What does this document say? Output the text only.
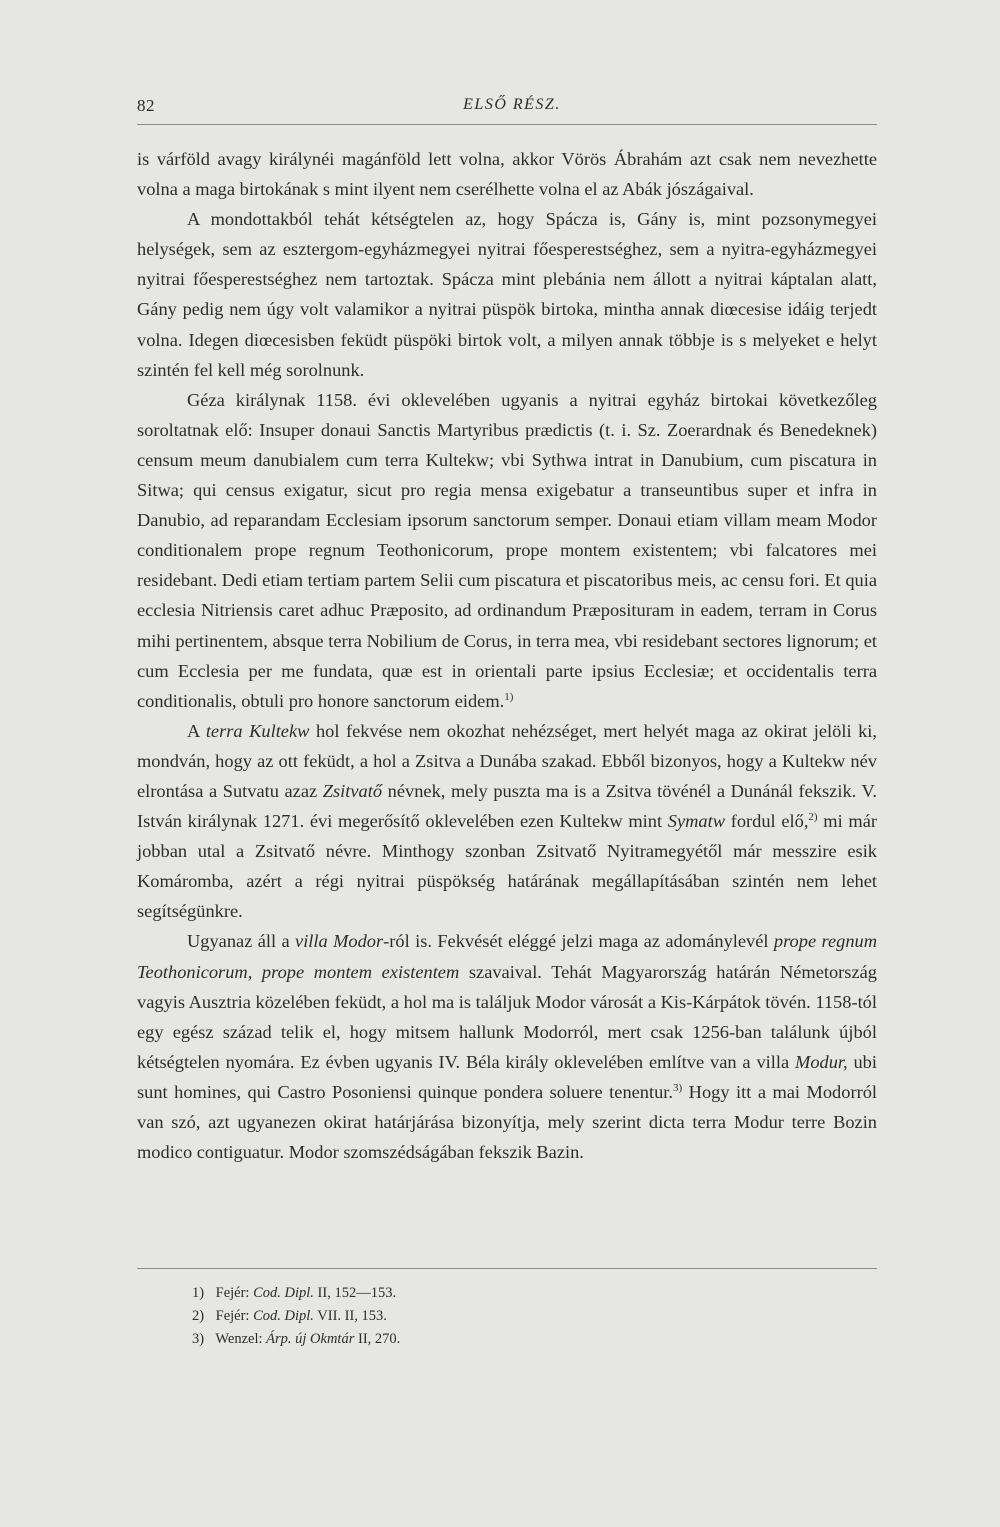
82	ELSŐ RÉSZ.

is várföld avagy királynéi magánföld lett volna, akkor Vörös Ábrahám azt csak nem nevezhette volna a maga birtokának s mint ilyent nem cserélhette volna el az Abák jószágaival.

A mondottakból tehát kétségtelen az, hogy Spácza is, Gány is, mint pozsonymegyei helységek, sem az esztergom-egyházmegyei nyitrai főesperestséghez, sem a nyitra-egyházmegyei nyitrai főesperestséghez nem tartoztak. Spácza mint plebánia nem állott a nyitrai káptalan alatt, Gány pedig nem úgy volt valamikor a nyitrai püspök birtoka, mintha annak diœcesise idáig terjedt volna. Idegen diœcesisben feküdt püspöki birtok volt, a milyen annak többje is s melyeket e helyt szintén fel kell még sorolnunk.

Géza királynak 1158. évi oklevelében ugyanis a nyitrai egyház birtokai következőleg soroltatnak elő: Insuper donaui Sanctis Martyribus prædictis (t. i. Sz. Zoerardnak és Benedeknek) censum meum danubialem cum terra Kultekw; vbi Sythwa intrat in Danubium, cum piscatura in Sitwa; qui census exigatur, sicut pro regia mensa exigebatur a transeuntibus super et infra in Danubio, ad reparandam Ecclesiam ipsorum sanctorum semper. Donaui etiam villam meam Modor conditionalem prope regnum Teothonicorum, prope montem existentem; vbi falcatores mei residebant. Dedi etiam tertiam partem Selii cum piscatura et piscatoribus meis, ac censu fori. Et quia ecclesia Nitriensis caret adhuc Præposito, ad ordinandum Præposituram in eadem, terram in Corus mihi pertinentem, absque terra Nobilium de Corus, in terra mea, vbi residebant sectores lignorum; et cum Ecclesia per me fundata, quæ est in orientali parte ipsius Ecclesiæ; et occidentalis terra conditionalis, obtuli pro honore sanctorum eidem.$^{1)}$

A terra Kultekw hol fekvése nem okozhat nehézséget, mert helyét maga az okirat jelöli ki, mondván, hogy az ott feküdt, a hol a Zsitva a Dunába szakad. Ebből bizonyos, hogy a Kultekw név elrontása a Sutvatu azaz Zsitvatő névnek, mely puszta ma is a Zsitva tövénél a Dunánál fekszik. V. István királynak 1271. évi megerősítő oklevelében ezen Kultekw mint Symatw fordul elő,$^{2)}$ mi már jobban utal a Zsitvatő névre. Minthogy szonban Zsitvatő Nyitramegyétől már messzire esik Komáromba, azért a régi nyitrai püspökség határának megállapításában szintén nem lehet segítségünkre.

Ugyanaz áll a villa Modor-ról is. Fekvését eléggé jelzi maga az adománylevél prope regnum Teothonicorum, prope montem existentem szavaival. Tehát Magyarország határán Németország vagyis Ausztria közelében feküdt, a hol ma is találjuk Modor városát a Kis-Kárpátok tövén. 1158-tól egy egész század telik el, hogy mitsem hallunk Modorról, mert csak 1256-ban találunk újból kétségtelen nyomára. Ez évben ugyanis IV. Béla király oklevelében említve van a villa Modur, ubi sunt homines, qui Castro Posoniensi quinque pondera soluere tenentur.$^{3)}$ Hogy itt a mai Modorról van szó, azt ugyanezen okirat határjárása bizonyítja, mely szerint dicta terra Modur terre Bozin modico contiguatur. Modor szomszédságában fekszik Bazin.

1) Fejér: Cod. Dipl. II, 152—153.
2) Fejér: Cod. Dipl. VII. II, 153.
3) Wenzel: Árp. új Okmtár II, 270.
